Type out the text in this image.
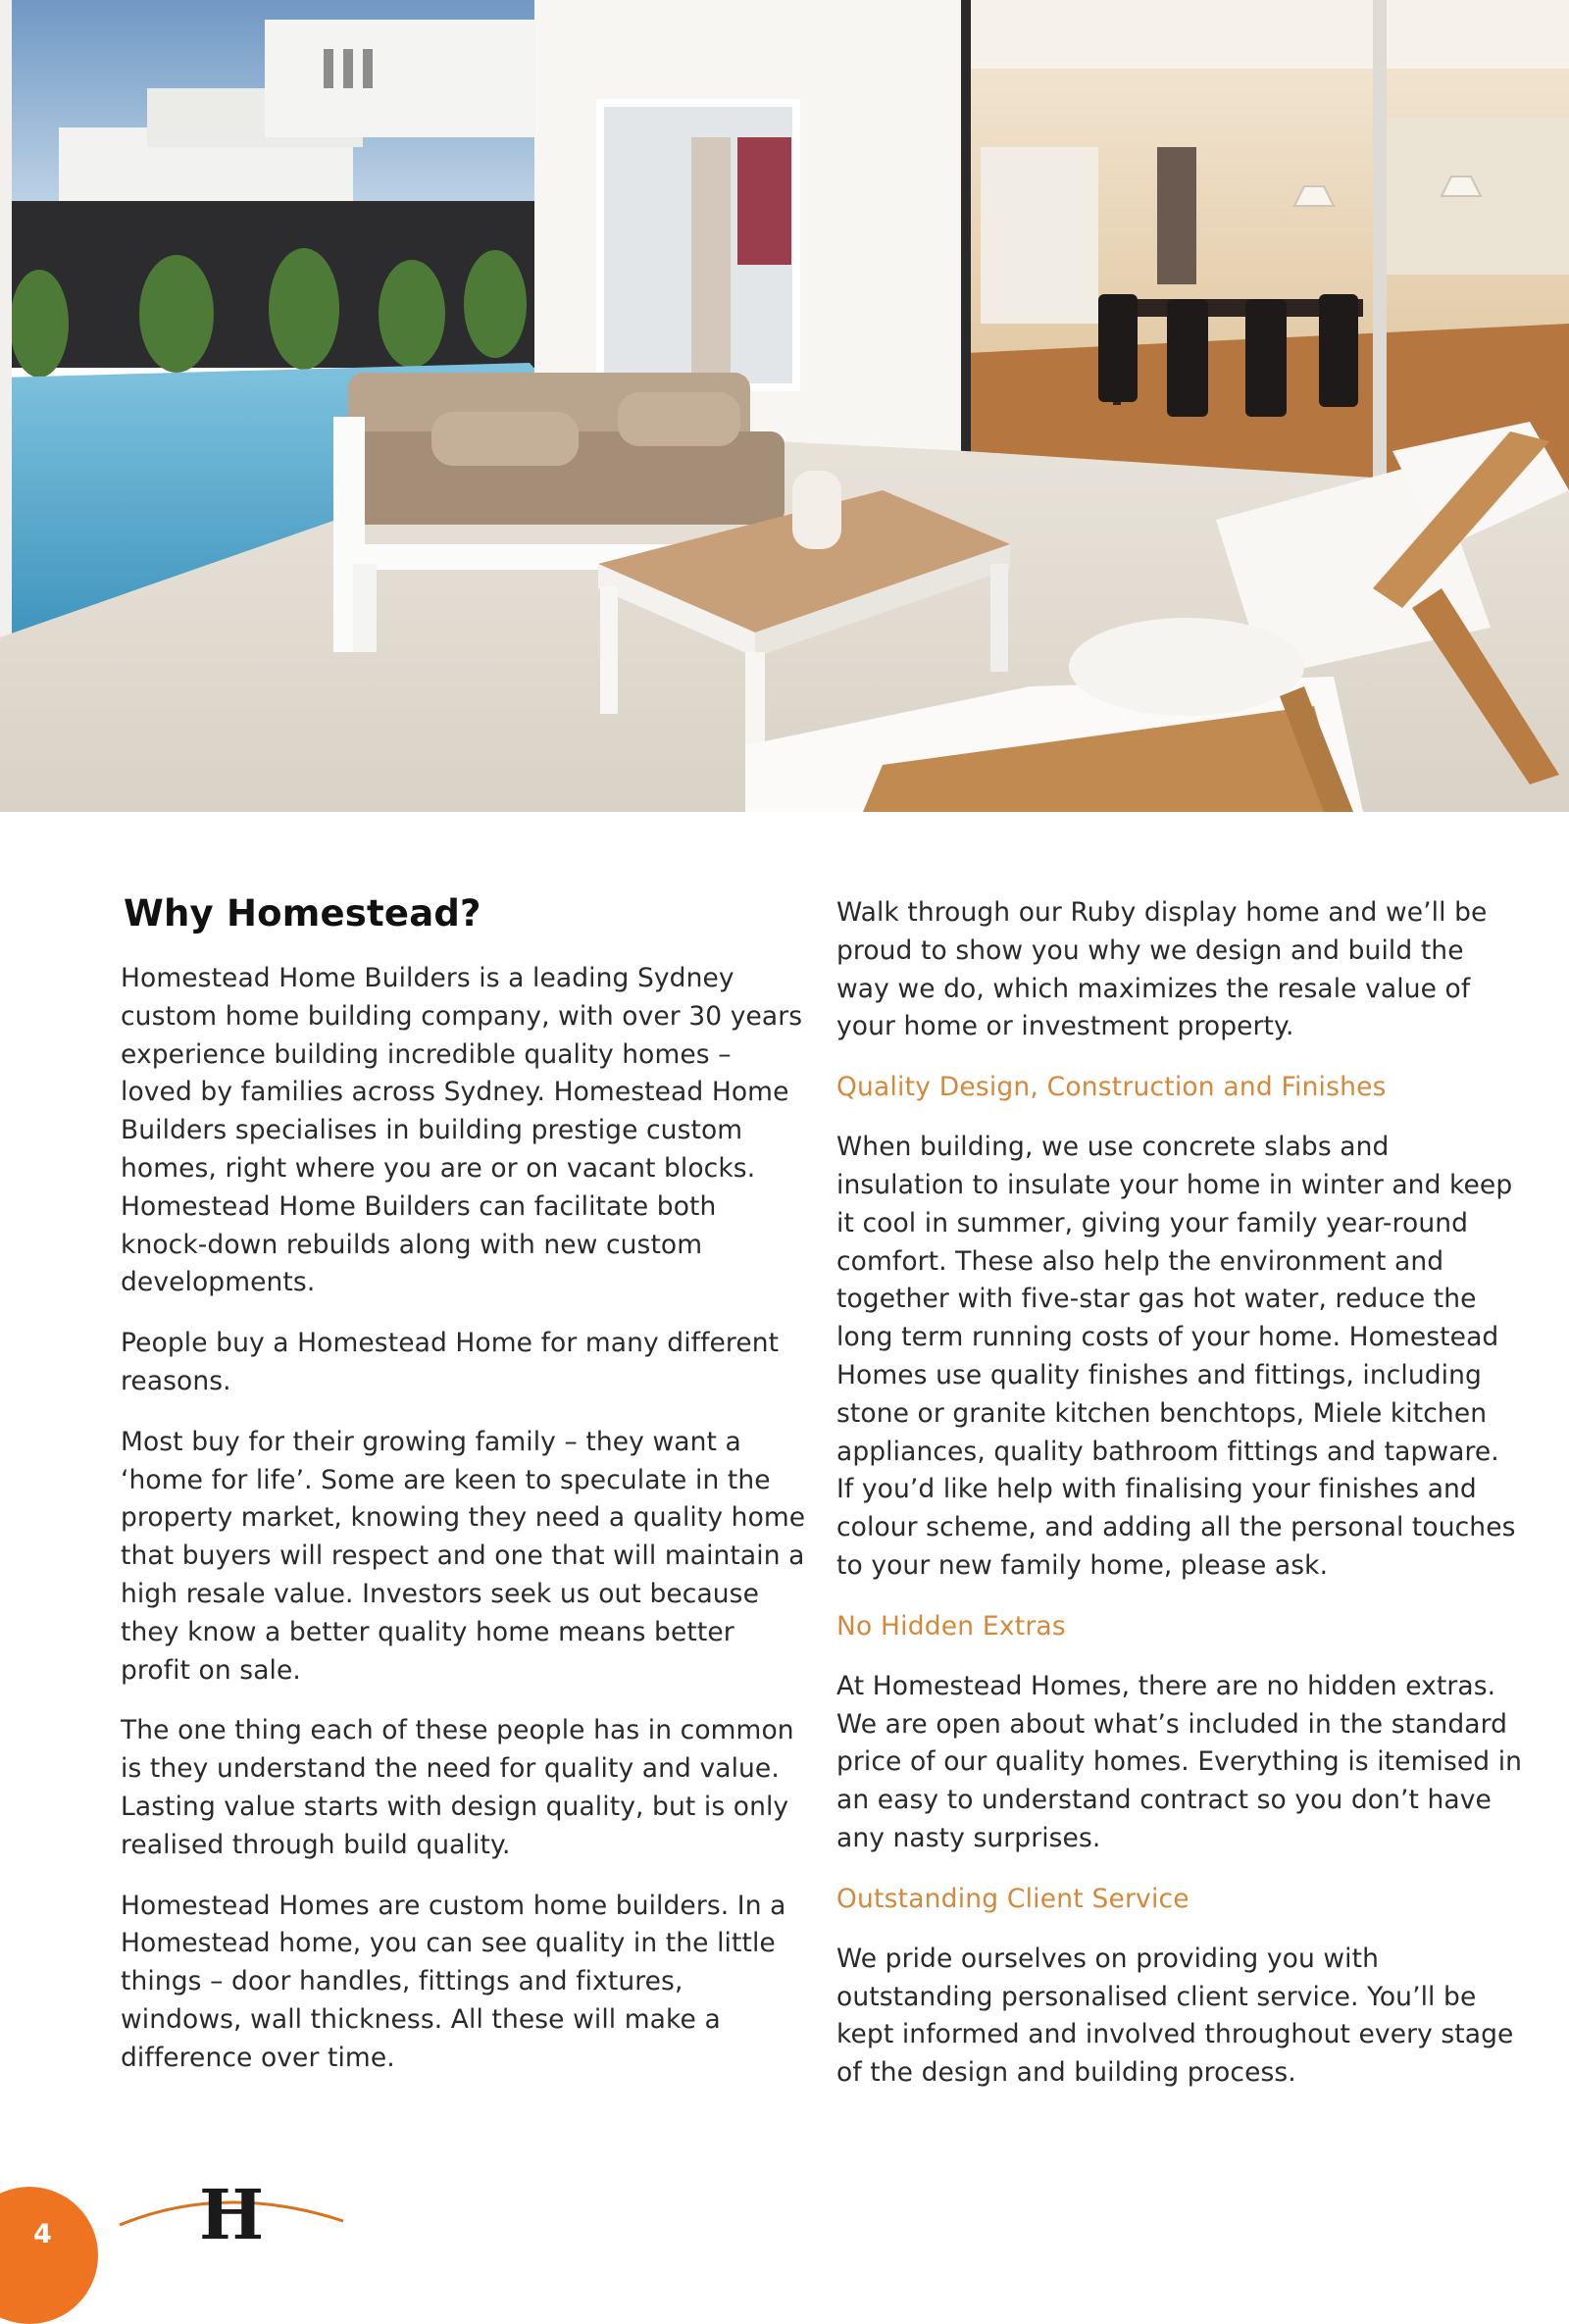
Why Homestead?

Homestead Home Builders is a leading Sydney custom home building company, with over 30 years experience building incredible quality homes – loved by families across Sydney. Homestead Home Builders specialises in building prestige custom homes, right where you are or on vacant blocks. Homestead Home Builders can facilitate both knock-down rebuilds along with new custom developments.

People buy a Homestead Home for many different reasons.

Most buy for their growing family – they want a ‘home for life’. Some are keen to speculate in the property market, knowing they need a quality home that buyers will respect and one that will maintain a high resale value. Investors seek us out because they know a better quality home means better profit on sale.

The one thing each of these people has in common is they understand the need for quality and value. Lasting value starts with design quality, but is only realised through build quality.

Homestead Homes are custom home builders. In a Homestead home, you can see quality in the little things – door handles, fittings and fixtures, windows, wall thickness. All these will make a difference over time.

Walk through our Ruby display home and we’ll be proud to show you why we design and build the way we do, which maximizes the resale value of your home or investment property.

Quality Design, Construction and Finishes

When building, we use concrete slabs and insulation to insulate your home in winter and keep it cool in summer, giving your family year-round comfort. These also help the environment and together with five-star gas hot water, reduce the long term running costs of your home. Homestead Homes use quality finishes and fittings, including stone or granite kitchen benchtops, Miele kitchen appliances, quality bathroom fittings and tapware. If you’d like help with finalising your finishes and colour scheme, and adding all the personal touches to your new family home, please ask.

No Hidden Extras

At Homestead Homes, there are no hidden extras. We are open about what’s included in the standard price of our quality homes. Everything is itemised in an easy to understand contract so you don’t have any nasty surprises.

Outstanding Client Service

We pride ourselves on providing you with outstanding personalised client service. You’ll be kept informed and involved throughout every stage of the design and building process.

4 H
